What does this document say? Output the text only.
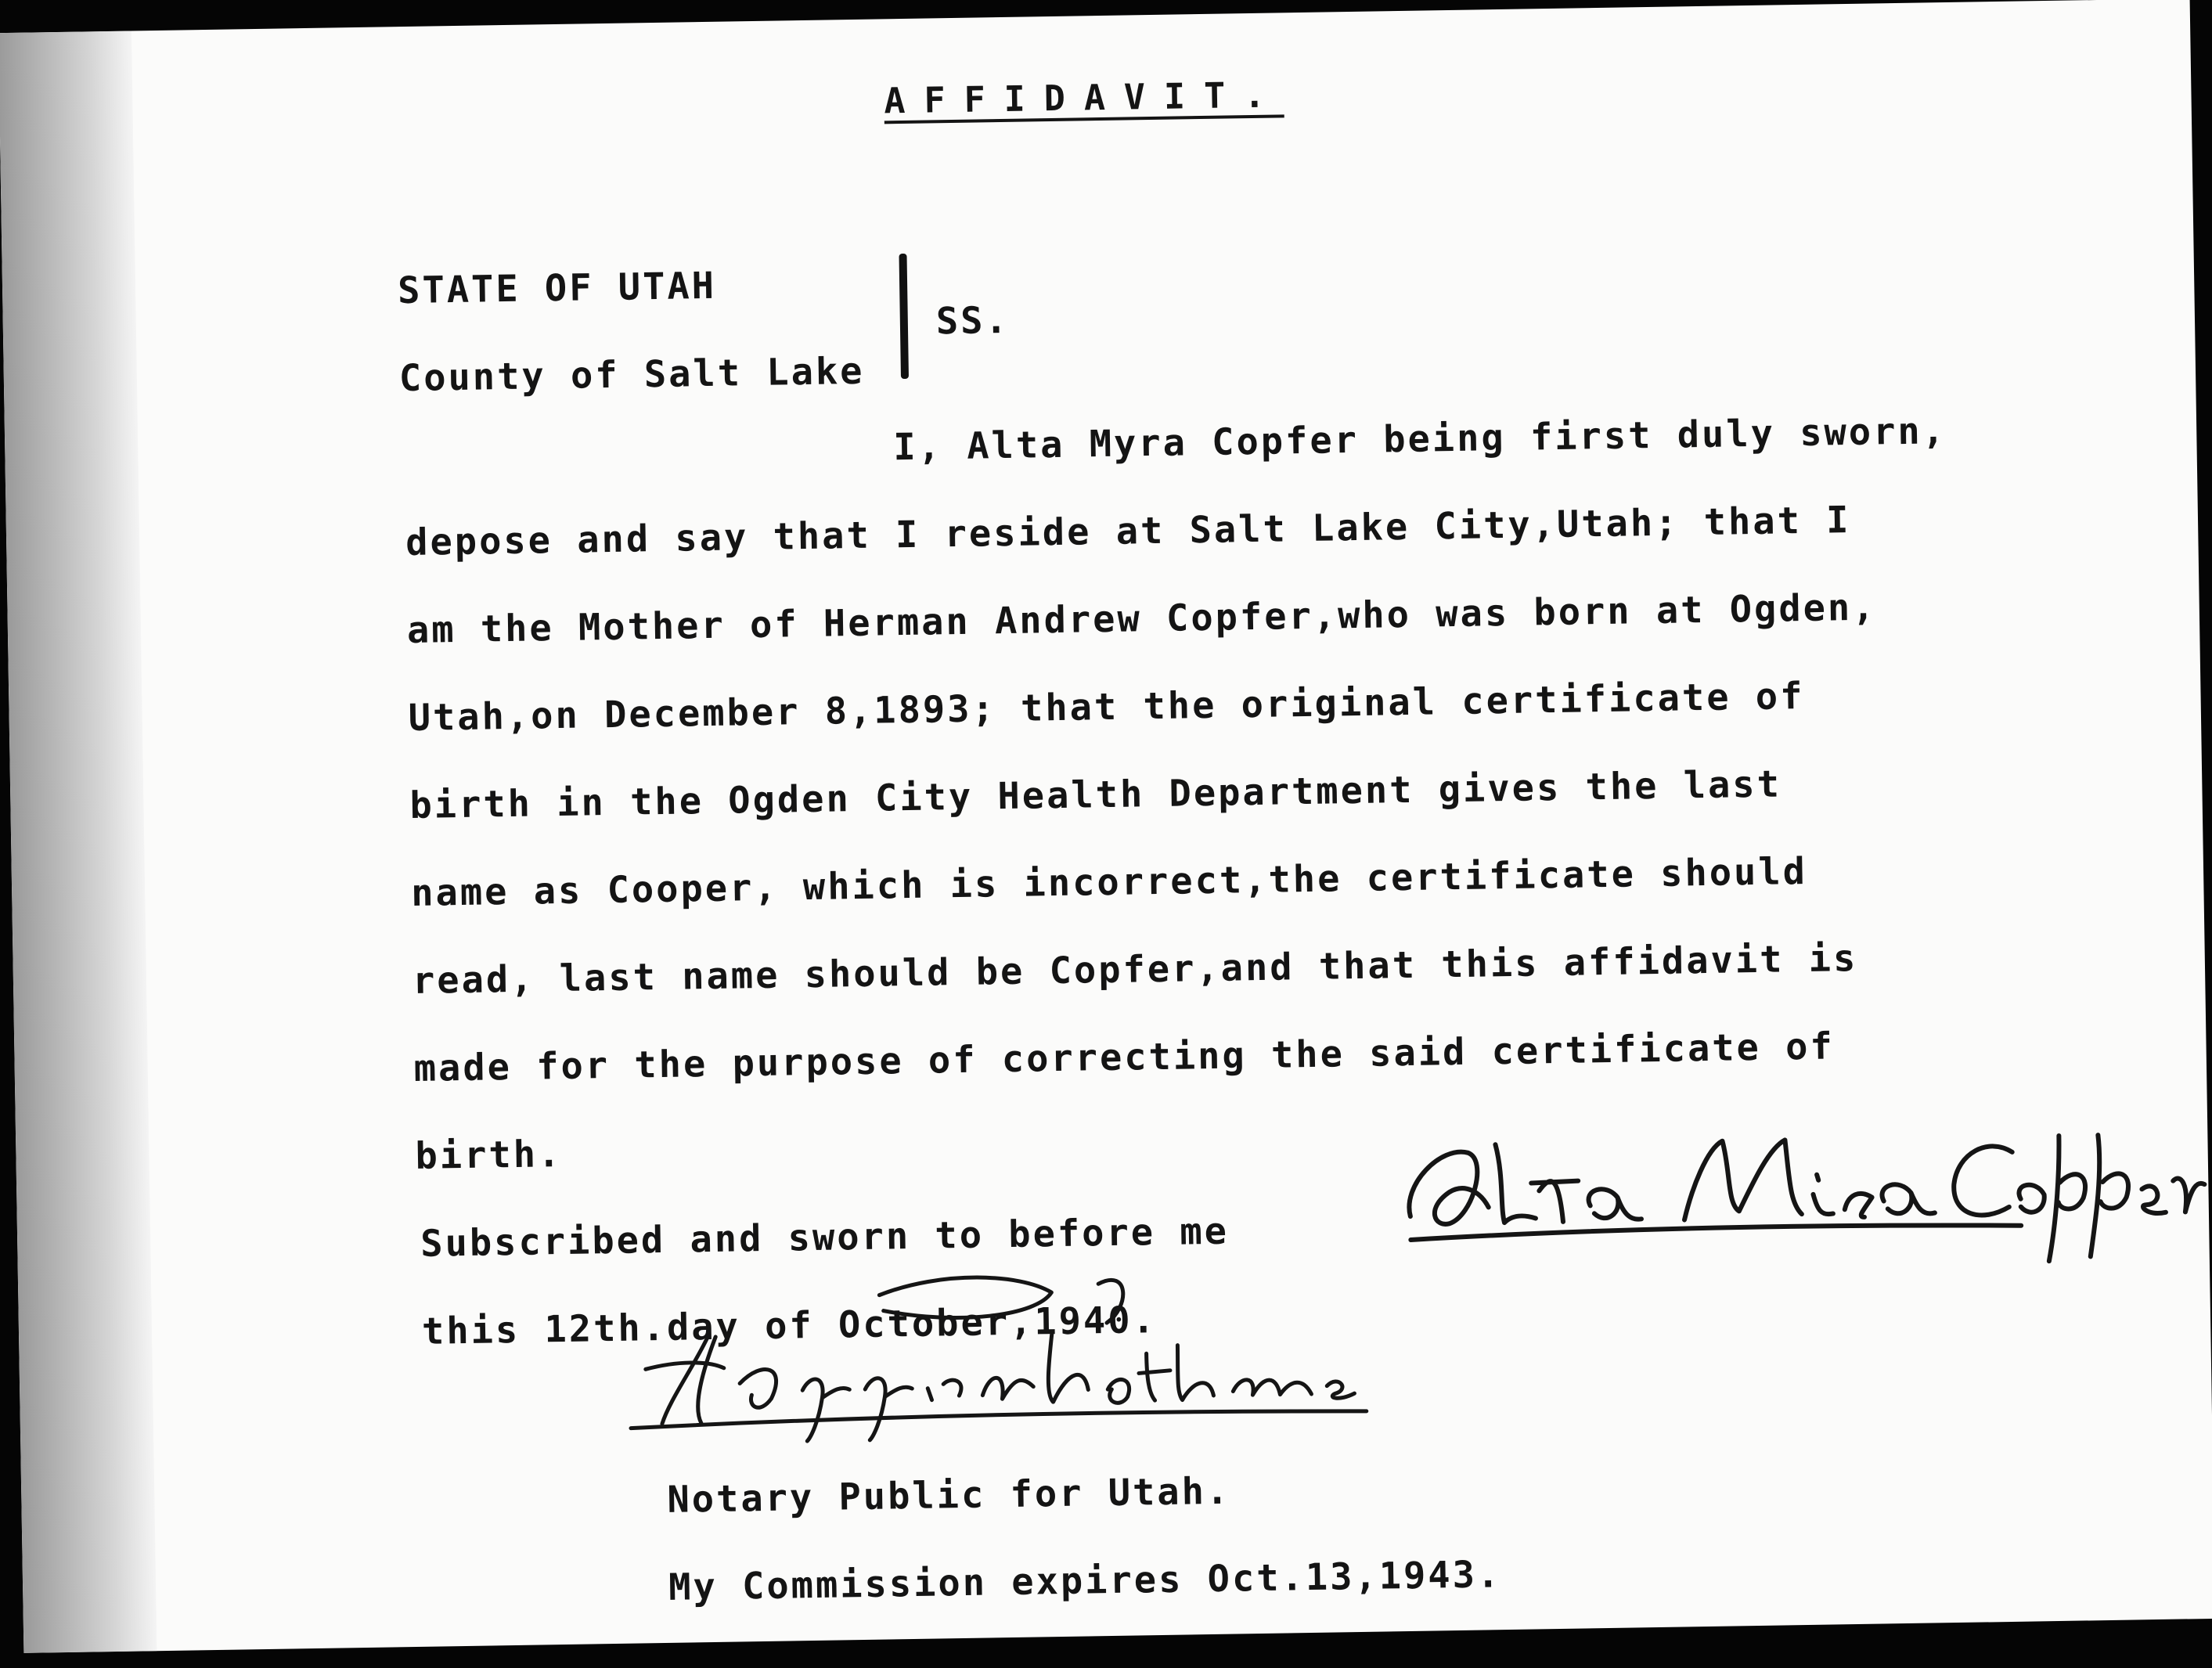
AFFIDAVIT.
STATE OF UTAH
County of Salt Lake
SS.
I, Alta Myra Copfer being first duly sworn,
depose and say that I reside at Salt Lake City,Utah; that I
am the Mother of Herman Andrew Copfer,who was born at Ogden,
Utah,on December 8,1893; that the original certificate of
birth in the Ogden City Health Department gives the last
name as Cooper, which is incorrect,the certificate should
read, last name should be Copfer,and that this affidavit is
made for the purpose of correcting the said certificate of
birth.
Subscribed and sworn to before me
this 12th.day of October,1940.
Notary Public for Utah.
My Commission expires Oct.13,1943.
